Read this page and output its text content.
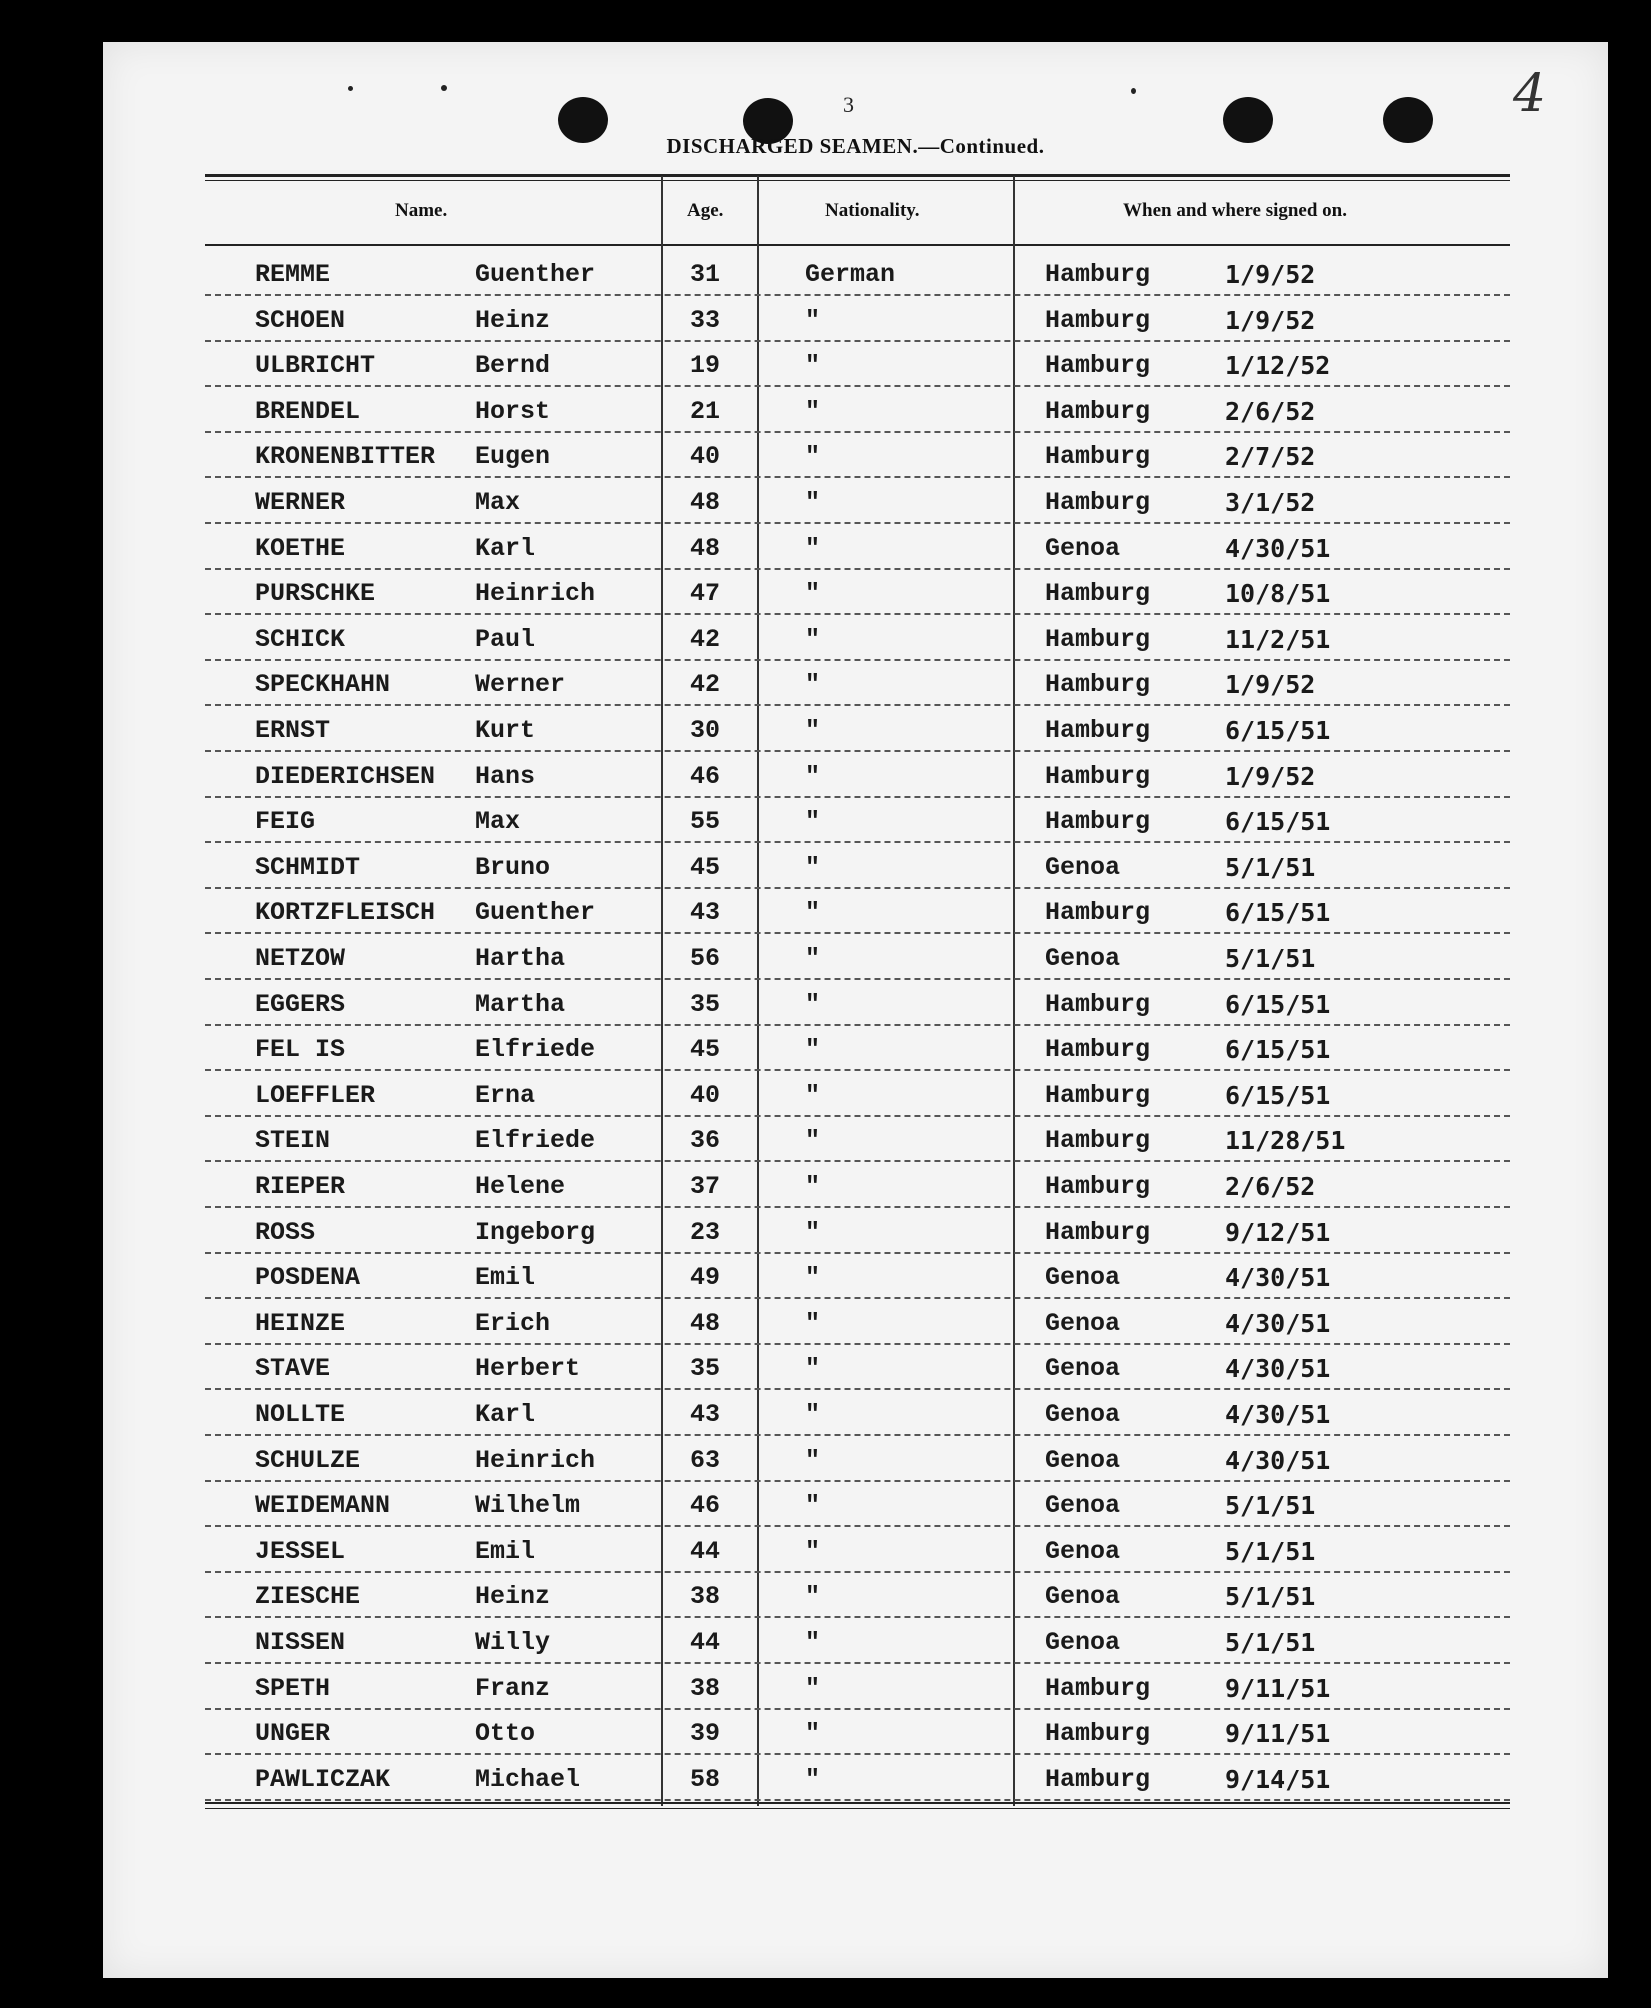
3	4
DISCHARGED SEAMEN.—Continued.
Name.	Age.	Nationality.	When and where signed on.
REMME	Guenther	31	German	Hamburg	1/9/52
SCHOEN	Heinz	33	"	Hamburg	1/9/52
ULBRICHT	Bernd	19	"	Hamburg	1/12/52
BRENDEL	Horst	21	"	Hamburg	2/6/52
KRONENBITTER Eugen	40	"	Hamburg	2/7/52
WERNER	Max	48	"	Hamburg	3/1/52
KOETHE	Karl	48	"	Genoa	4/30/51
PURSCHKE	Heinrich	47	"	Hamburg	10/8/51
SCHICK	Paul	42	"	Hamburg	11/2/51
SPECKHAHN	Werner	42	"	Hamburg	1/9/52
ERNST	Kurt	30	"	Hamburg	6/15/51
DIEDERICHSEN Hans	46	"	Hamburg	1/9/52
FEIG	Max	55	"	Hamburg	6/15/51
SCHMIDT	Bruno	45	"	Genoa	5/1/51
KORTZFLEISCH Guenther	43	"	Hamburg	6/15/51
NETZOW	Hartha	56	"	Genoa	5/1/51
EGGERS	Martha	35	"	Hamburg	6/15/51
FEL IS	Elfriede	45	"	Hamburg	6/15/51
LOEFFLER	Erna	40	"	Hamburg	6/15/51
STEIN	Elfriede	36	"	Hamburg	11/28/51
RIEPER	Helene	37	"	Hamburg	2/6/52
ROSS	Ingeborg	23	"	Hamburg	9/12/51
POSDENA	Emil	49	"	Genoa	4/30/51
HEINZE	Erich	48	"	Genoa	4/30/51
STAVE	Herbert	35	"	Genoa	4/30/51
NOLLTE	Karl	43	"	Genoa	4/30/51
SCHULZE	Heinrich	63	"	Genoa	4/30/51
WEIDEMANN	Wilhelm	46	"	Genoa	5/1/51
JESSEL	Emil	44	"	Genoa	5/1/51
ZIESCHE	Heinz	38	"	Genoa	5/1/51
NISSEN	Willy	44	"	Genoa	5/1/51
SPETH	Franz	38	"	Hamburg	9/11/51
UNGER	Otto	39	"	Hamburg	9/11/51
PAWLICZAK	Michael	58	"	Hamburg	9/14/51
